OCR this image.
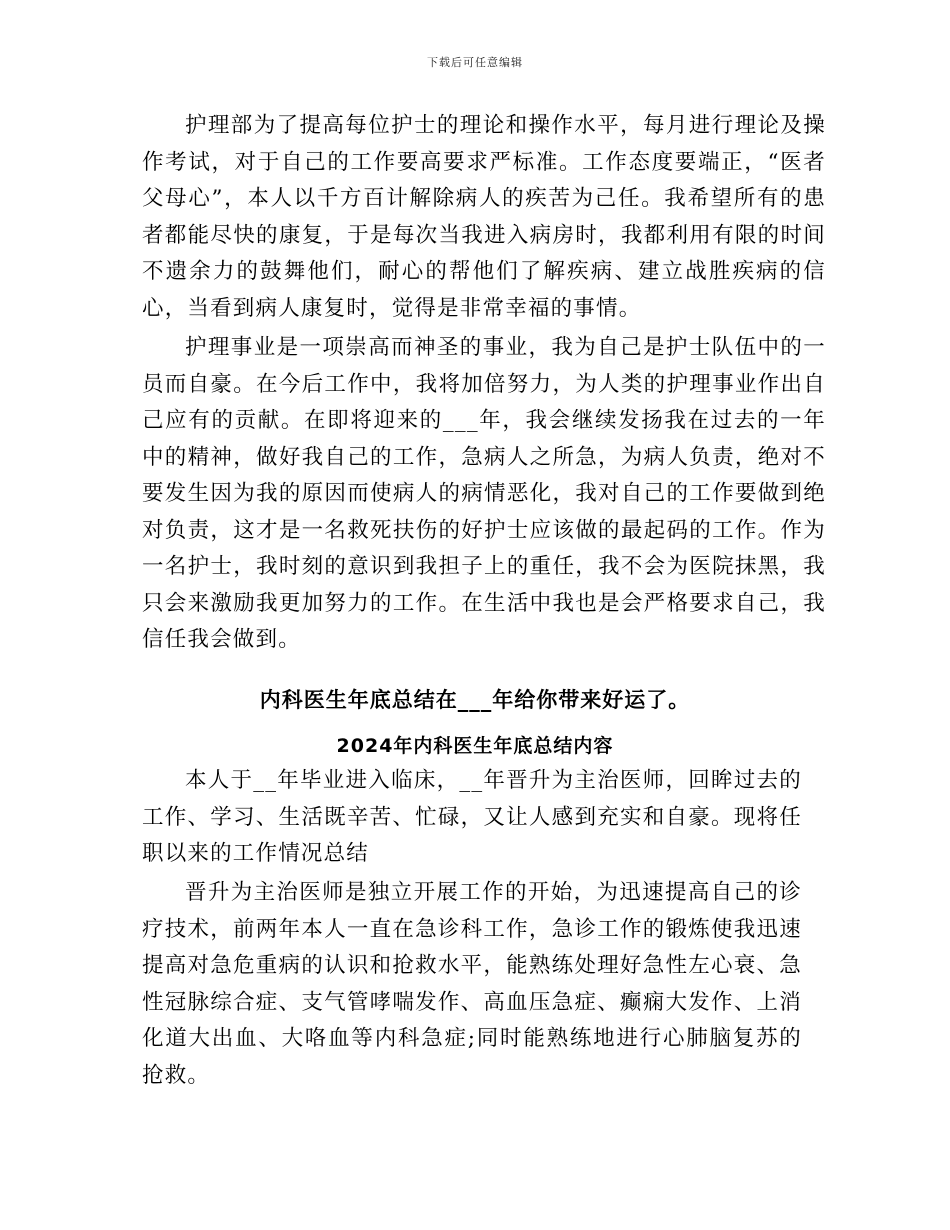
下载后可任意编辑

护理部为了提高每位护士的理论和操作水平，每月进行理论及操作考试，对于自己的工作要高要求严标准。工作态度要端正，“医者父母心”，本人以千方百计解除病人的疾苦为己任。我希望所有的患者都能尽快的康复，于是每次当我进入病房时，我都利用有限的时间不遗余力的鼓舞他们，耐心的帮他们了解疾病、建立战胜疾病的信心，当看到病人康复时，觉得是非常幸福的事情。

护理事业是一项崇高而神圣的事业，我为自己是护士队伍中的一员而自豪。在今后工作中，我将加倍努力，为人类的护理事业作出自己应有的贡献。在即将迎来的___年，我会继续发扬我在过去的一年中的精神，做好我自己的工作，急病人之所急，为病人负责，绝对不要发生因为我的原因而使病人的病情恶化，我对自己的工作要做到绝对负责，这才是一名救死扶伤的好护士应该做的最起码的工作。作为一名护士，我时刻的意识到我担子上的重任，我不会为医院抹黑，我只会来激励我更加努力的工作。在生活中我也是会严格要求自己，我信任我会做到。

内科医生年底总结在___年给你带来好运了。
2024年内科医生年底总结内容

本人于__年毕业进入临床，__年晋升为主治医师，回眸过去的工作、学习、生活既辛苦、忙碌，又让人感到充实和自豪。现将任职以来的工作情况总结

晋升为主治医师是独立开展工作的开始，为迅速提高自己的诊疗技术，前两年本人一直在急诊科工作，急诊工作的锻炼使我迅速提高对急危重病的认识和抢救水平，能熟练处理好急性左心衰、急性冠脉综合症、支气管哮喘发作、高血压急症、癫痫大发作、上消化道大出血、大咯血等内科急症;同时能熟练地进行心肺脑复苏的抢救。
